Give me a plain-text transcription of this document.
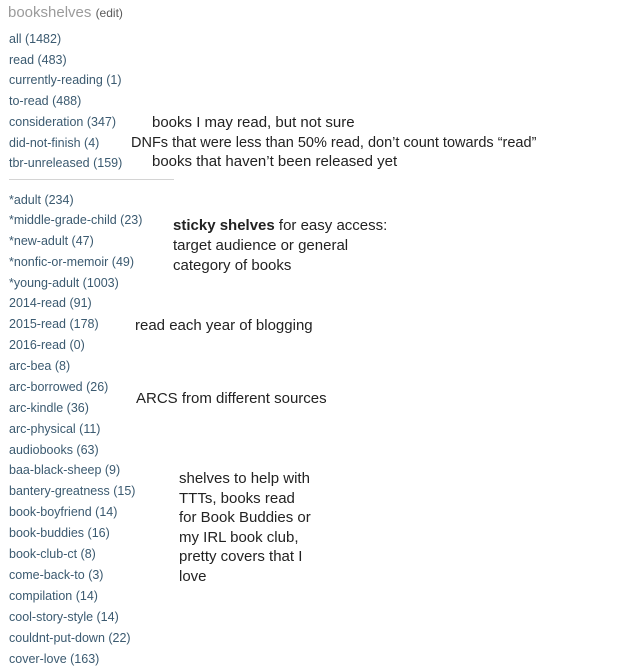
bookshelves (edit)
all (1482)
read (483)
currently-reading (1)
to-read (488)
consideration (347)
did-not-finish (4)
tbr-unreleased (159)
*adult (234)
*middle-grade-child (23)
*new-adult (47)
*nonfic-or-memoir (49)
*young-adult (1003)
2014-read (91)
2015-read (178)
2016-read (0)
arc-bea (8)
arc-borrowed (26)
arc-kindle (36)
arc-physical (11)
audiobooks (63)
baa-black-sheep (9)
bantery-greatness (15)
book-boyfriend (14)
book-buddies (16)
book-club-ct (8)
come-back-to (3)
compilation (14)
cool-story-style (14)
couldnt-put-down (22)
cover-love (163)
books I may read, but not sure
DNFs that were less than 50% read, don’t count towards “read”
books that haven’t been released yet
sticky shelves for easy access: target audience or general category of books
read each year of blogging
ARCS from different sources
shelves to help with TTTs, books read for Book Buddies or my IRL book club, pretty covers that I love
